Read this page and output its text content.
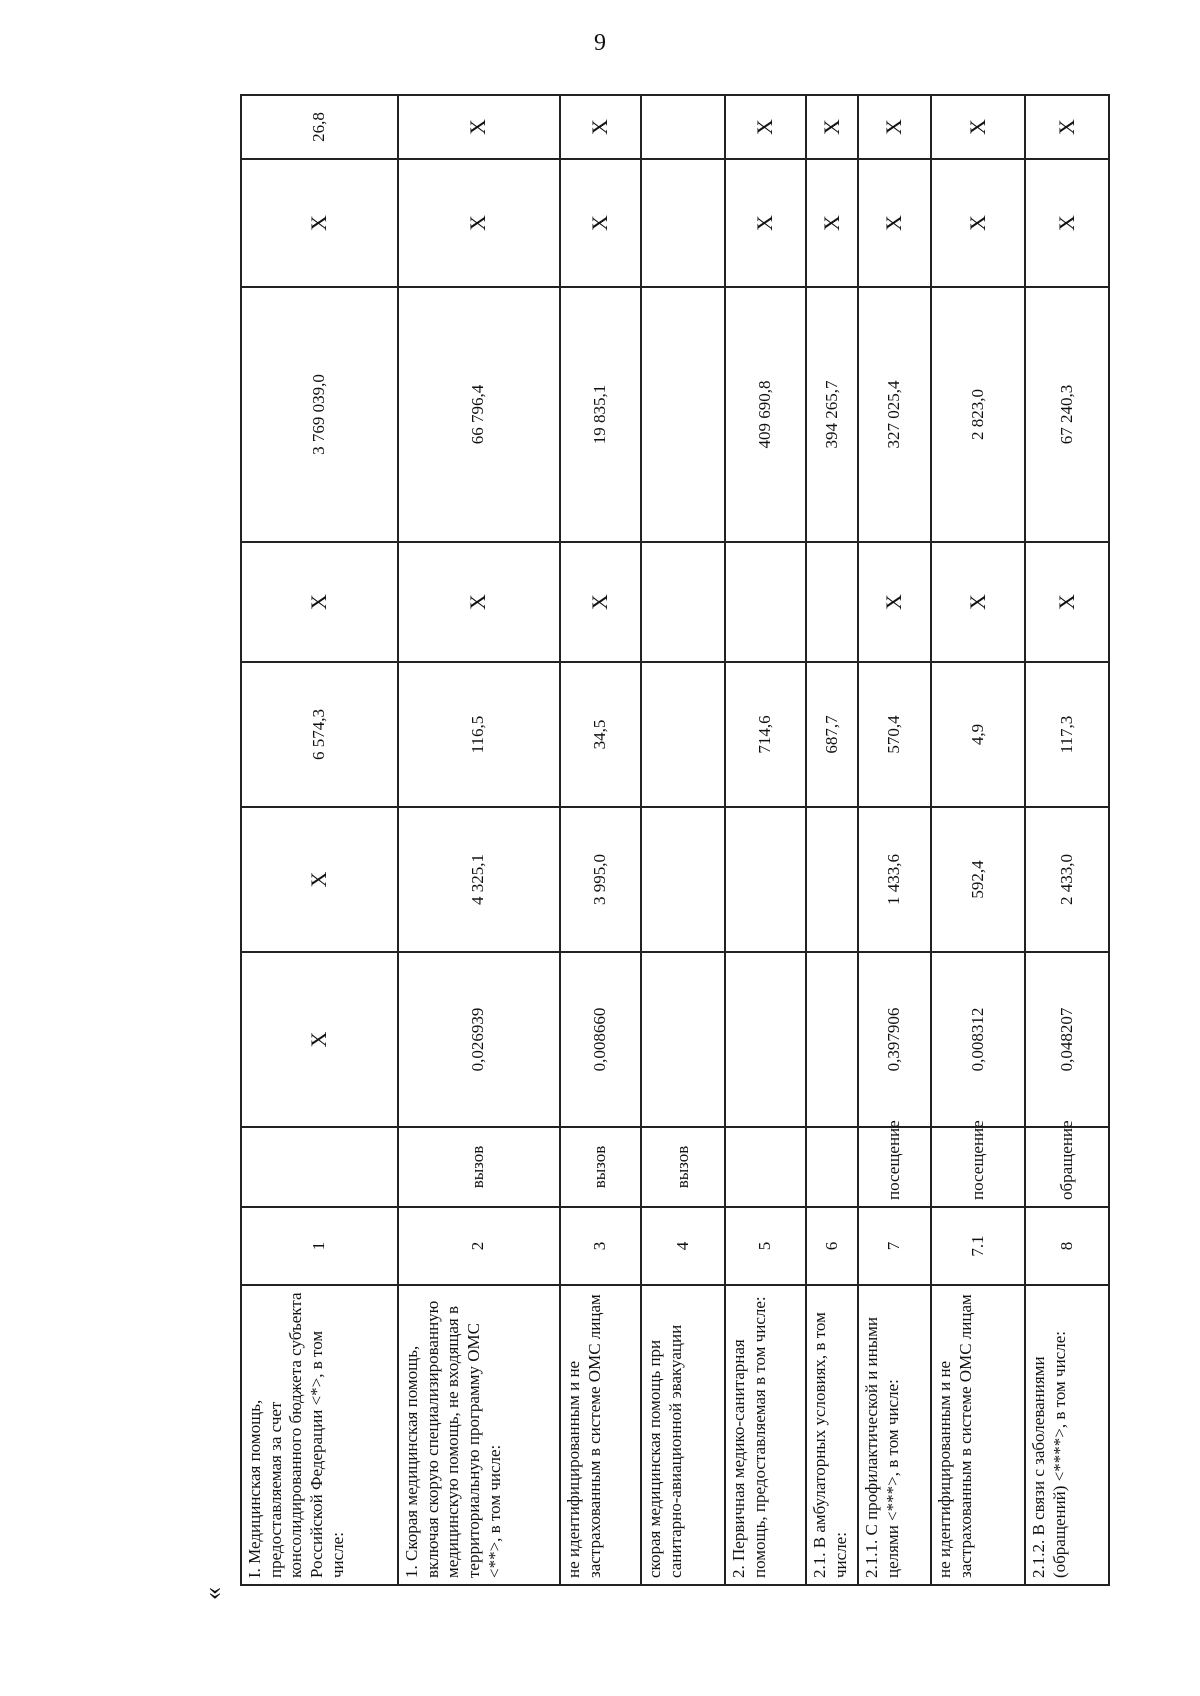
9
«
I. Медицинская помощь, предоставляемая за счет консолидированного бюджета субъекта Российской Федерации <*>, в том числе:	1		X	X	6 574,3	X	3 769 039,0	X	26,8
1. Скорая медицинская помощь, включая скорую специализированную медицинскую помощь, не входящая в территориальную программу ОМС <**>, в том числе:	2	вызов	0,026939	4 325,1	116,5	X	66 796,4	X	X
не идентифицированным и не застрахованным в системе ОМС лицам	3	вызов	0,008660	3 995,0	34,5	X	19 835,1	X	X
скорая медицинская помощь при санитарно-авиационной эвакуации	4	вызов							
2. Первичная медико-санитарная помощь, предоставляемая в том числе:	5				714,6		409 690,8	X	X
2.1. В амбулаторных условиях, в том числе:	6				687,7		394 265,7	X	X
2.1.1. С профилактической и иными целями <***>, в том числе:	7	посещение	0,397906	1 433,6	570,4	X	327 025,4	X	X
не идентифицированным и не застрахованным в системе ОМС лицам	7.1	посещение	0,008312	592,4	4,9	X	2 823,0	X	X
2.1.2. В связи с заболеваниями (обращений) <****>, в том числе:	8	обращение	0,048207	2 433,0	117,3	X	67 240,3	X	X
